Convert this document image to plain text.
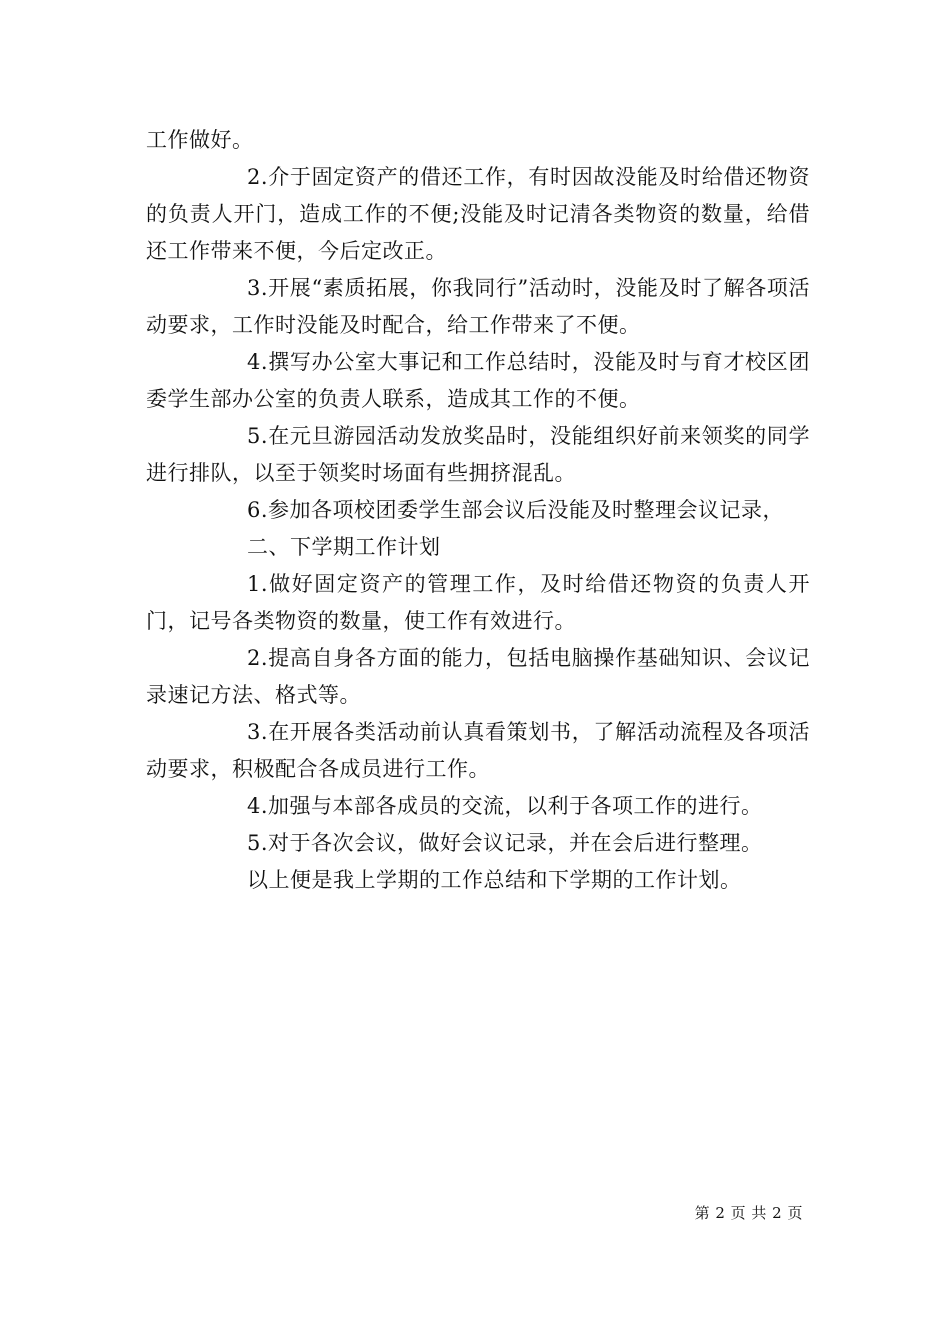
工作做好。

2.介于固定资产的借还工作，有时因故没能及时给借还物资的负责人开门，造成工作的不便;没能及时记清各类物资的数量，给借还工作带来不便，今后定改正。

3.开展“素质拓展，你我同行”活动时，没能及时了解各项活动要求，工作时没能及时配合，给工作带来了不便。

4.撰写办公室大事记和工作总结时，没能及时与育才校区团委学生部办公室的负责人联系，造成其工作的不便。

5.在元旦游园活动发放奖品时，没能组织好前来领奖的同学进行排队，以至于领奖时场面有些拥挤混乱。

6.参加各项校团委学生部会议后没能及时整理会议记录，

二、下学期工作计划

1.做好固定资产的管理工作，及时给借还物资的负责人开门，记号各类物资的数量，使工作有效进行。

2.提高自身各方面的能力，包括电脑操作基础知识、会议记录速记方法、格式等。

3.在开展各类活动前认真看策划书，了解活动流程及各项活动要求，积极配合各成员进行工作。

4.加强与本部各成员的交流，以利于各项工作的进行。

5.对于各次会议，做好会议记录，并在会后进行整理。

以上便是我上学期的工作总结和下学期的工作计划。

第 2 页 共 2 页
